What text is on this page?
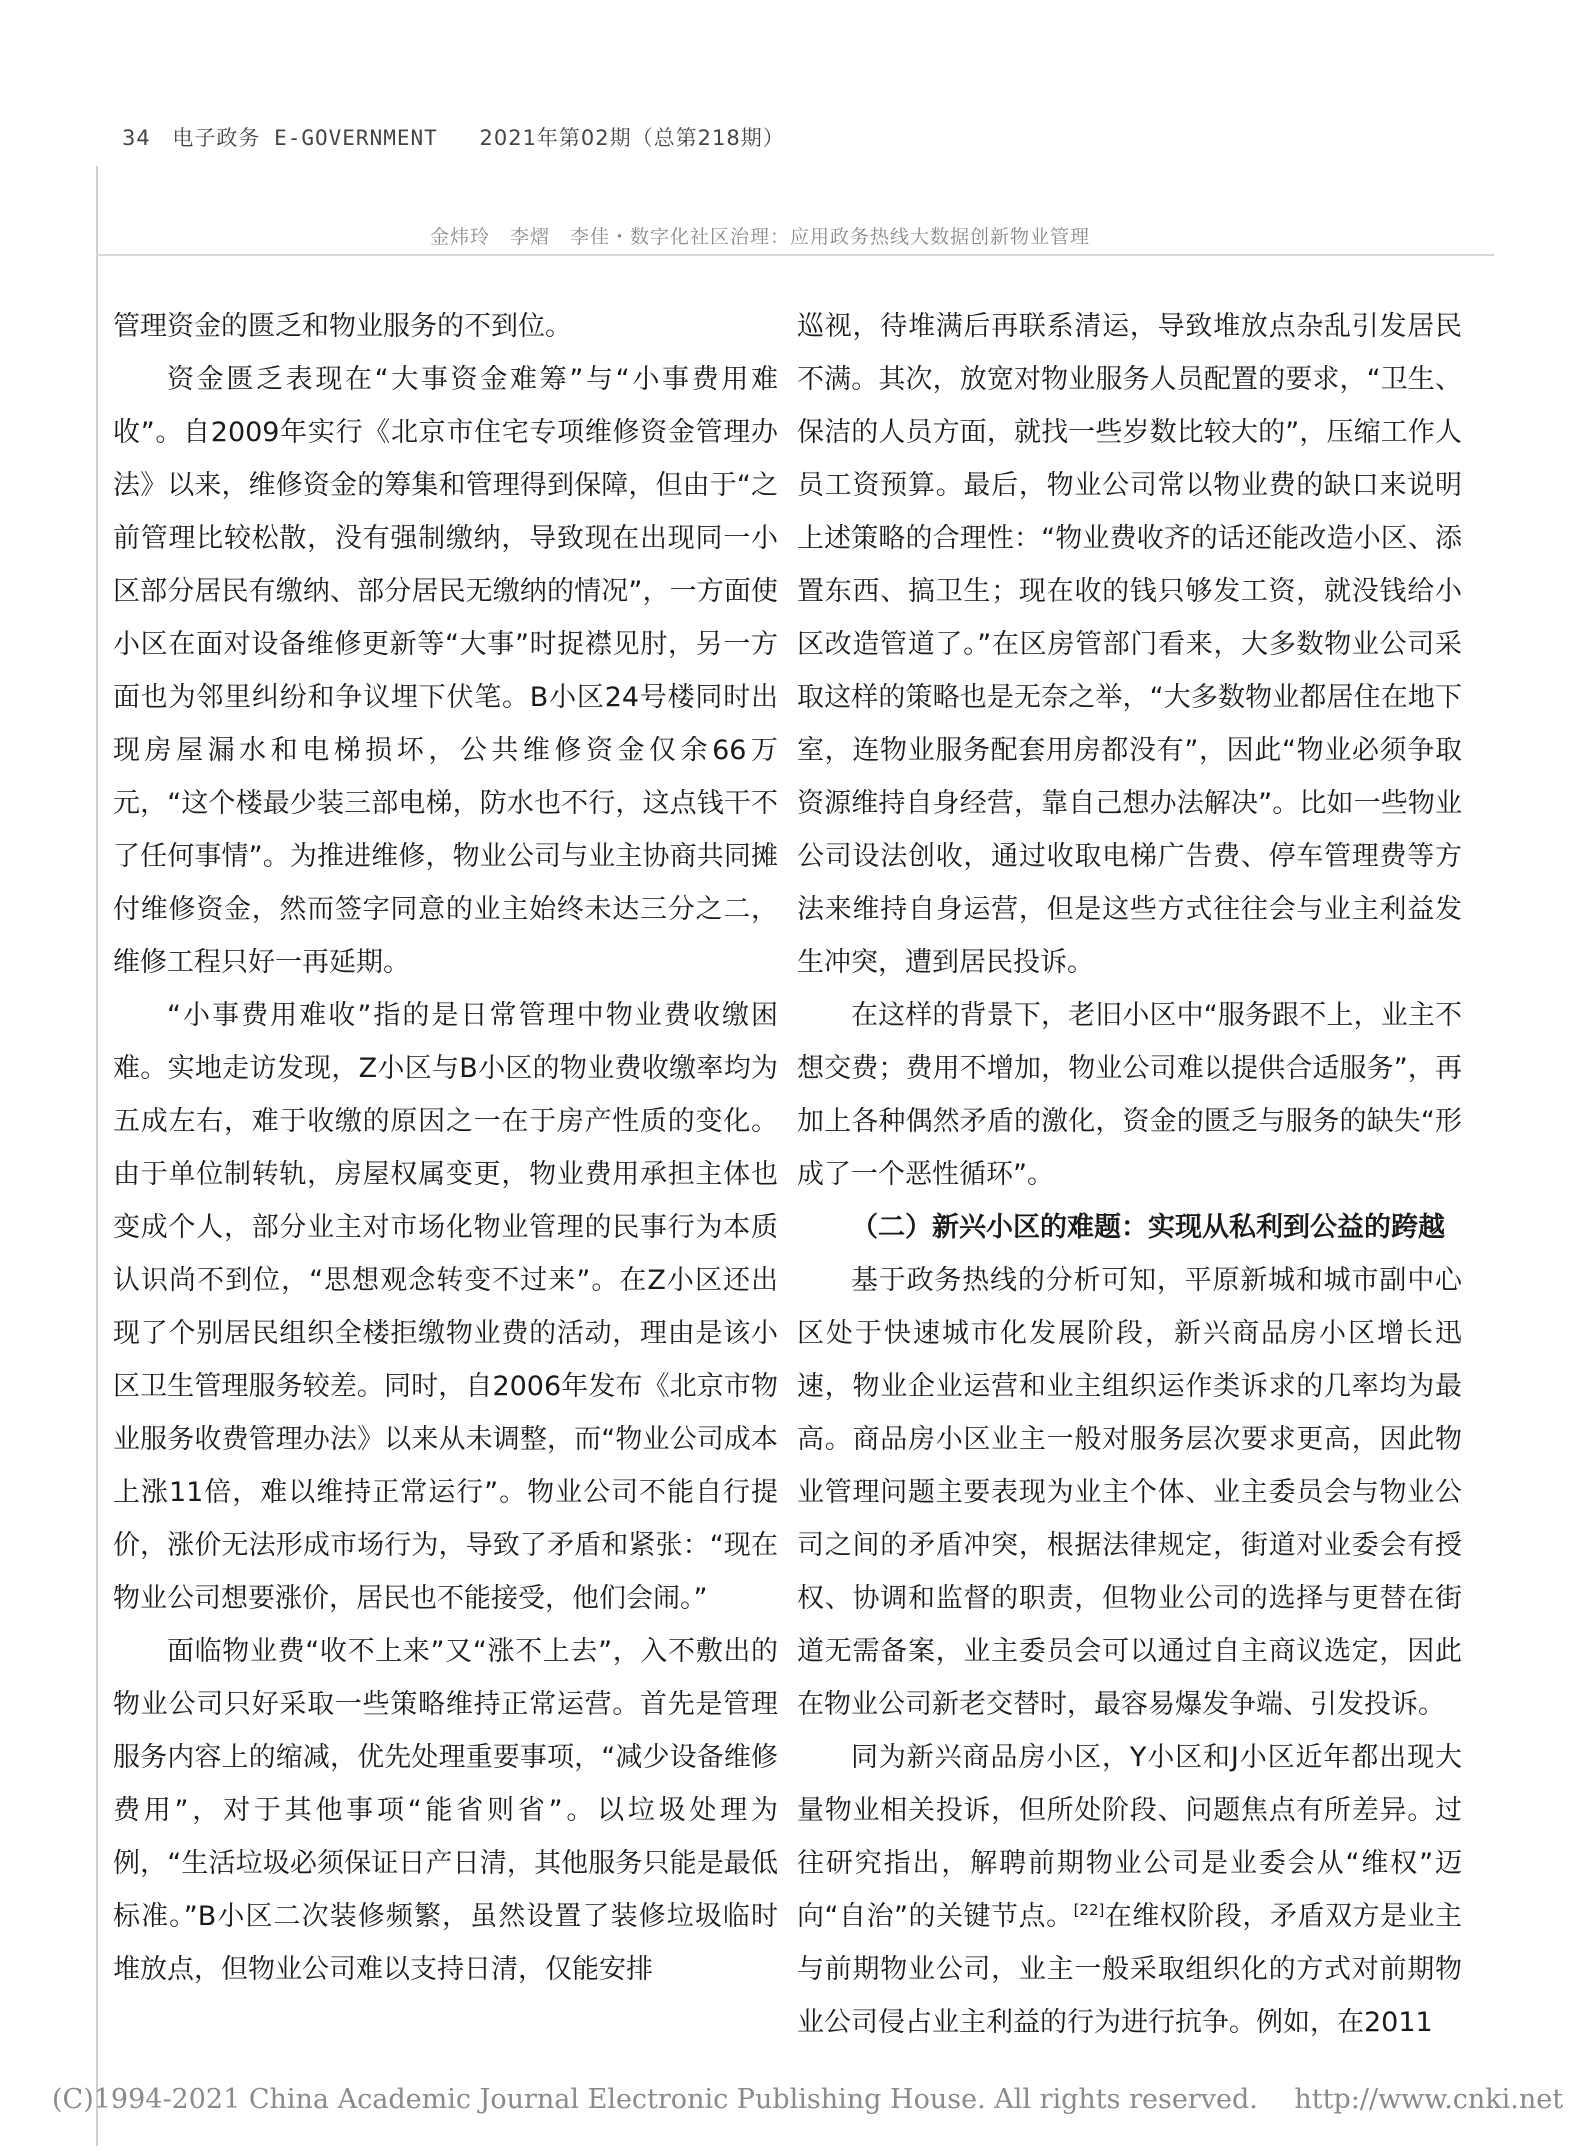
34 电子政务 E-GOVERNMENT 2021年第02期（总第218期）
金炜玲　李熠　李佳・数字化社区治理：应用政务热线大数据创新物业管理

管理资金的匮乏和物业服务的不到位。

资金匮乏表现在“大事资金难筹”与“小事费用难收”。自2009年实行《北京市住宅专项维修资金管理办法》以来，维修资金的筹集和管理得到保障，但由于“之前管理比较松散，没有强制缴纳，导致现在出现同一小区部分居民有缴纳、部分居民无缴纳的情况”，一方面使小区在面对设备维修更新等“大事”时捉襟见肘，另一方面也为邻里纠纷和争议埋下伏笔。B小区24号楼同时出现房屋漏水和电梯损坏，公共维修资金仅余66万元，“这个楼最少装三部电梯，防水也不行，这点钱干不了任何事情”。为推进维修，物业公司与业主协商共同摊付维修资金，然而签字同意的业主始终未达三分之二，维修工程只好一再延期。

“小事费用难收”指的是日常管理中物业费收缴困难。实地走访发现，Z小区与B小区的物业费收缴率均为五成左右，难于收缴的原因之一在于房产性质的变化。由于单位制转轨，房屋权属变更，物业费用承担主体也变成个人，部分业主对市场化物业管理的民事行为本质认识尚不到位，“思想观念转变不过来”。在Z小区还出现了个别居民组织全楼拒缴物业费的活动，理由是该小区卫生管理服务较差。同时，自2006年发布《北京市物业服务收费管理办法》以来从未调整，而“物业公司成本上涨11倍，难以维持正常运行”。物业公司不能自行提价，涨价无法形成市场行为，导致了矛盾和紧张：“现在物业公司想要涨价，居民也不能接受，他们会闹。”

面临物业费“收不上来”又“涨不上去”，入不敷出的物业公司只好采取一些策略维持正常运营。首先是管理服务内容上的缩减，优先处理重要事项，“减少设备维修费用”，对于其他事项“能省则省”。以垃圾处理为例，“生活垃圾必须保证日产日清，其他服务只能是最低标准。”B小区二次装修频繁，虽然设置了装修垃圾临时堆放点，但物业公司难以支持日清，仅能安排

巡视，待堆满后再联系清运，导致堆放点杂乱引发居民不满。其次，放宽对物业服务人员配置的要求，“卫生、保洁的人员方面，就找一些岁数比较大的”，压缩工作人员工资预算。最后，物业公司常以物业费的缺口来说明上述策略的合理性：“物业费收齐的话还能改造小区、添置东西、搞卫生；现在收的钱只够发工资，就没钱给小区改造管道了。”在区房管部门看来，大多数物业公司采取这样的策略也是无奈之举，“大多数物业都居住在地下室，连物业服务配套用房都没有”，因此“物业必须争取资源维持自身经营，靠自己想办法解决”。比如一些物业公司设法创收，通过收取电梯广告费、停车管理费等方法来维持自身运营，但是这些方式往往会与业主利益发生冲突，遭到居民投诉。

在这样的背景下，老旧小区中“服务跟不上，业主不想交费；费用不增加，物业公司难以提供合适服务”，再加上各种偶然矛盾的激化，资金的匮乏与服务的缺失“形成了一个恶性循环”。

（二）新兴小区的难题：实现从私利到公益的跨越

基于政务热线的分析可知，平原新城和城市副中心区处于快速城市化发展阶段，新兴商品房小区增长迅速，物业企业运营和业主组织运作类诉求的几率均为最高。商品房小区业主一般对服务层次要求更高，因此物业管理问题主要表现为业主个体、业主委员会与物业公司之间的矛盾冲突，根据法律规定，街道对业委会有授权、协调和监督的职责，但物业公司的选择与更替在街道无需备案，业主委员会可以通过自主商议选定，因此在物业公司新老交替时，最容易爆发争端、引发投诉。

同为新兴商品房小区，Y小区和J小区近年都出现大量物业相关投诉，但所处阶段、问题焦点有所差异。过往研究指出，解聘前期物业公司是业委会从“维权”迈向“自治”的关键节点。[22]在维权阶段，矛盾双方是业主与前期物业公司，业主一般采取组织化的方式对前期物业公司侵占业主利益的行为进行抗争。例如，在2011

(C)1994-2021 China Academic Journal Electronic Publishing House. All rights reserved. http://www.cnki.net
